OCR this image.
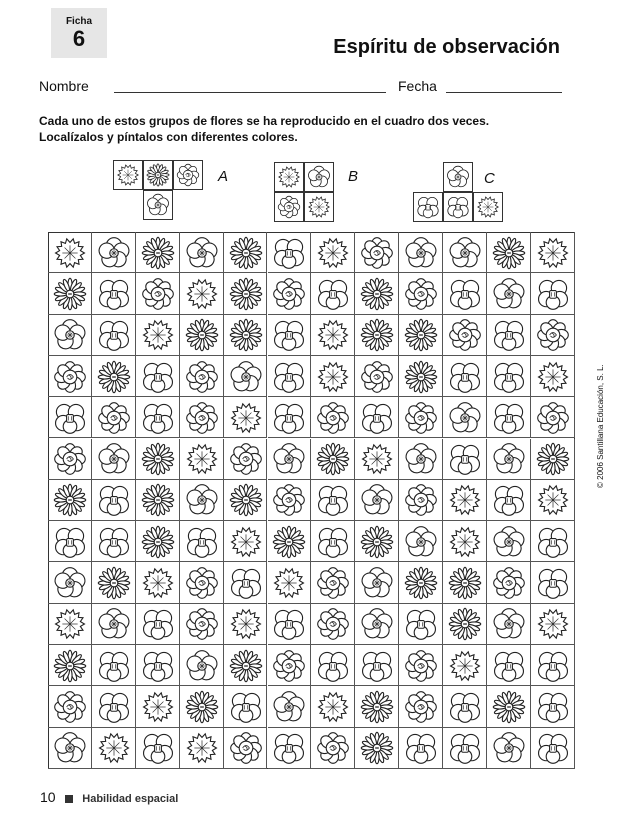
Ficha
6	Espíritu de observación
Nombre	Fecha
Cada uno de estos grupos de flores se ha reproducido en el cuadro dos veces.
Localízalos y píntalos con diferentes colores.
A	B	C
© 2006 Santillana Educación, S. L.
10 Habilidad espacial
